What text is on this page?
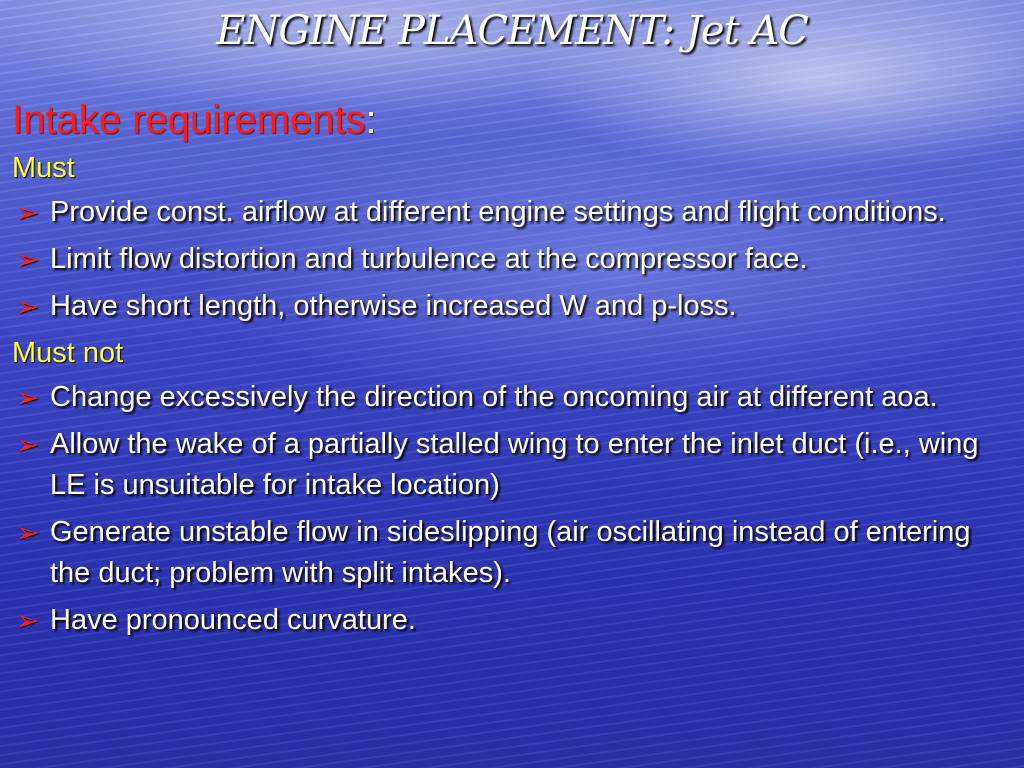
ENGINE PLACEMENT: Jet AC
Intake requirements:
Must
➢ Provide const. airflow at different engine settings and flight conditions.
➢ Limit flow distortion and turbulence at the compressor face.
➢ Have short length, otherwise increased W and p-loss.
Must not
➢ Change excessively the direction of the oncoming air at different aoa.
➢ Allow the wake of a partially stalled wing to enter the inlet duct (i.e., wing LE is unsuitable for intake location)
➢ Generate unstable flow in sideslipping (air oscillating instead of entering the duct; problem with split intakes).
➢ Have pronounced curvature.
